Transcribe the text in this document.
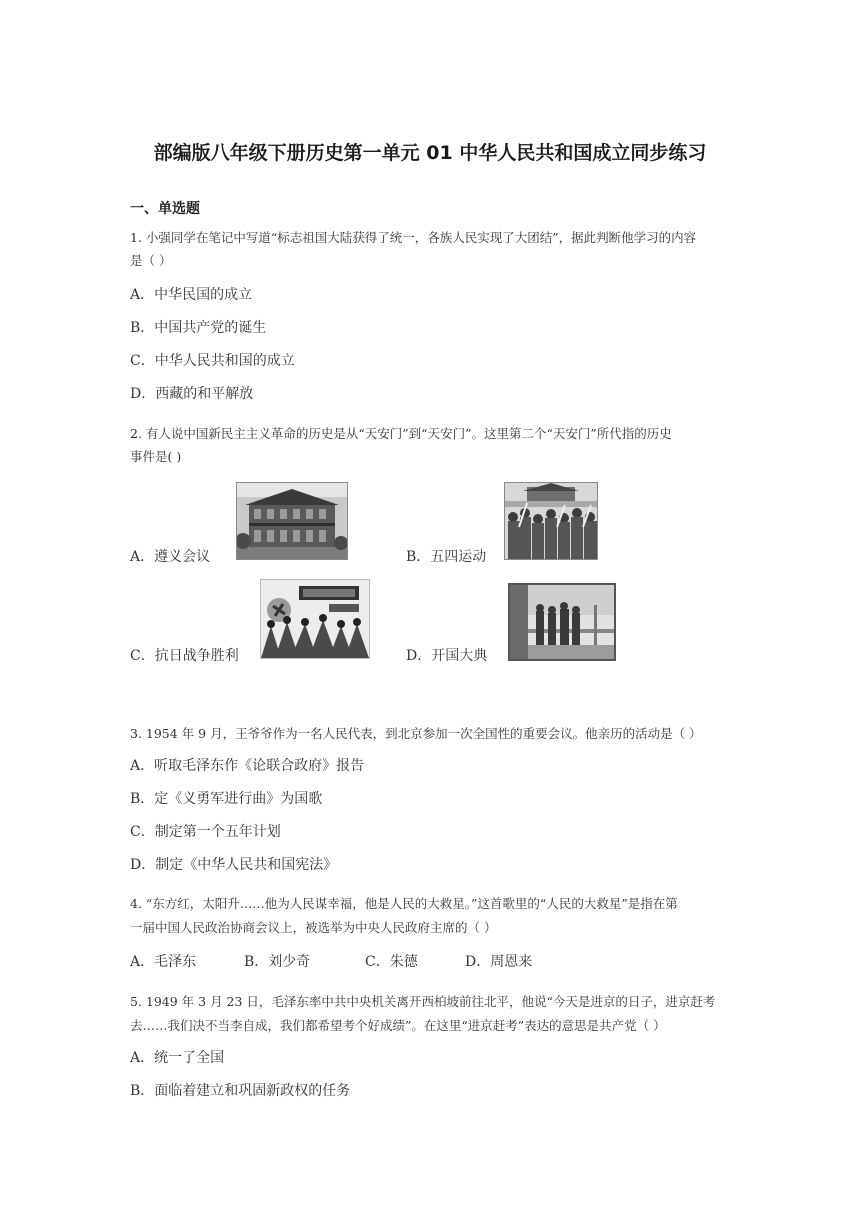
部编版八年级下册历史第一单元 01 中华人民共和国成立同步练习
一、单选题
1. 小强同学在笔记中写道“标志祖国大陆获得了统一，各族人民实现了大团结”，据此判断他学习的内容
是（ ）
A．中华民国的成立
B．中国共产党的诞生
C．中华人民共和国的成立
D．西藏的和平解放
2. 有人说中国新民主主义革命的历史是从“天安门”到“天安门”。这里第二个“天安门”所代指的历史
事件是( )
A．遵义会议	B．五四运动
C．抗日战争胜利	D．开国大典
3. 1954 年 9 月，王爷爷作为一名人民代表，到北京参加一次全国性的重要会议。他亲历的活动是（ ）
A．听取毛泽东作《论联合政府》报告
B．定《义勇军进行曲》为国歌
C．制定第一个五年计划
D．制定《中华人民共和国宪法》
4. “东方红，太阳升……他为人民谋幸福，他是人民的大救星。”这首歌里的“人民的大救星”是指在第
一届中国人民政治协商会议上，被选举为中央人民政府主席的（ ）
A．毛泽东	B．刘少奇	C．朱德	D．周恩来
5. 1949 年 3 月 23 日，毛泽东率中共中央机关离开西柏坡前往北平，他说“今天是进京的日子，进京赶考
去……我们决不当李自成，我们都希望考个好成绩”。在这里“进京赶考”表达的意思是共产党（ ）
A．统一了全国
B．面临着建立和巩固新政权的任务
